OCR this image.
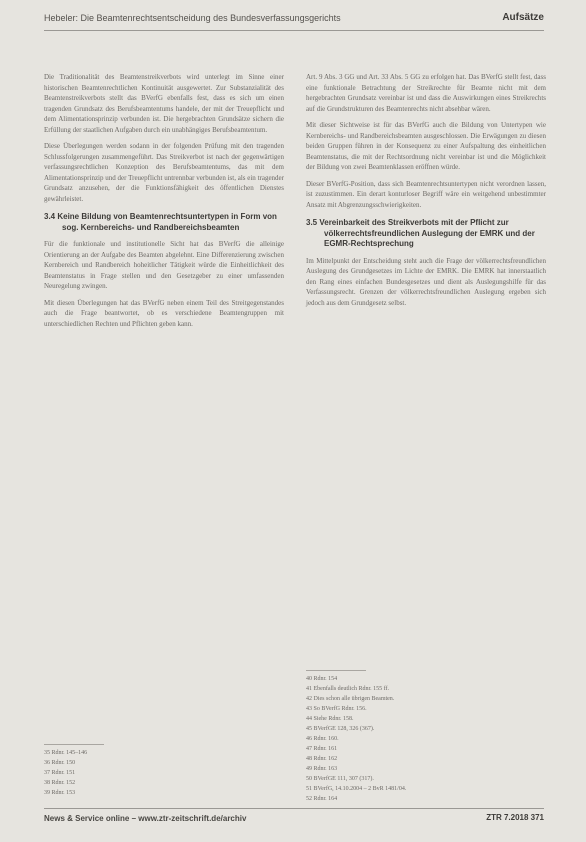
Hebeler: Die Beamtenrechtsentscheidung des Bundesverfassungsgerichts	Aufsätze

Die Traditionalität des Beamtenstreikverbots wird unterlegt im Sinne einer historischen Beamtenrechtlichen Kontinuität ausgewertet. Zur Substanzialität des Beamtenstreikverbots stellt das BVerfG ebenfalls fest, dass es sich um einen tragenden Grundsatz des Berufsbeamtentums handele, der mit der Treuepflicht und dem Alimentationsprinzip verbunden ist. Die hergebrachten Grundsätze sichern die Erfüllung der staatlichen Aufgaben durch ein unabhängiges Berufsbeamtentum.

Diese Überlegungen werden sodann in der folgenden Prüfung mit den tragenden Schlussfolgerungen zusammengeführt. Das Streikverbot ist nach der gegenwärtigen verfassungsrechtlichen Konzeption des Berufsbeamtentums, das mit dem Alimentationsprinzip und der Treuepflicht untrennbar verbunden ist, als ein tragender Grundsatz anzusehen, der die Funktionsfähigkeit des öffentlichen Dienstes gewährleistet.

3.4 Keine Bildung von Beamtenrechtsuntertypen in Form von sog. Kernbereichs- und Randbereichsbeamten

Für die funktionale und institutionelle Sicht hat das BVerfG die alleinige Orientierung an der Aufgabe des Beamten abgelehnt. Eine Differenzierung zwischen Kernbereich und Randbereich hoheitlicher Tätigkeit würde die Einheitlichkeit des Beamtenstatus in Frage stellen und den Gesetzgeber zu einer umfassenden Neuregelung zwingen.

Mit diesen Überlegungen hat das BVerfG neben einem Teil des Streitgegenstandes auch die Frage beantwortet, ob es verschiedene Beamtengruppen mit unterschiedlichen Rechten und Pflichten geben kann.

35 Rdnr. 145–146
36 Rdnr. 150
37 Rdnr. 151
38 Rdnr. 152
39 Rdnr. 153

Art. 9 Abs. 3 GG und Art. 33 Abs. 5 GG zu erfolgen hat. Das BVerfG stellt fest, dass eine funktionale Betrachtung der Streikrechte für Beamte nicht mit dem hergebrachten Grundsatz vereinbar ist und dass die Auswirkungen eines Streikrechts auf die Grundstrukturen des Beamtenrechts nicht absehbar wären.

Mit dieser Sichtweise ist für das BVerfG auch die Bildung von Untertypen wie Kernbereichs- und Randbereichsbeamten ausgeschlossen. Die Erwägungen zu diesen beiden Gruppen führen in der Konsequenz zu einer Aufspaltung des einheitlichen Beamtenstatus, die mit der Rechtsordnung nicht vereinbar ist und die Möglichkeit der Bildung von zwei Beamtenklassen eröffnen würde.

Dieser BVerfG-Position, dass sich Beamtenrechtsuntertypen nicht verordnen lassen, ist zuzustimmen. Ein derart konturloser Begriff wäre ein weitgehend unbestimmter Ansatz mit Abgrenzungsschwierigkeiten.

3.5 Vereinbarkeit des Streikverbots mit der Pflicht zur völkerrechtsfreundlichen Auslegung der EMRK und der EGMR-Rechtsprechung

Im Mittelpunkt der Entscheidung steht auch die Frage der völkerrechtsfreundlichen Auslegung des Grundgesetzes im Lichte der EMRK. Die EMRK hat innerstaatlich den Rang eines einfachen Bundesgesetzes und dient als Auslegungshilfe für das Verfassungsrecht. Grenzen der völkerrechtsfreundlichen Auslegung ergeben sich jedoch aus dem Grundgesetz selbst.

40 Rdnr. 154
41 Ebenfalls deutlich Rdnr. 155 ff.
42 Dies schon alle übrigen Beamten.
43 So BVerfG Rdnr. 156.
44 Siehe Rdnr. 158.
45 BVerfGE 128, 326 (367).
46 Rdnr. 160.
47 Rdnr. 161
48 Rdnr. 162
49 Rdnr. 163
50 BVerfGE 111, 307 (317).
51 BVerfG, 14.10.2004 – 2 BvR 1481/04.
52 Rdnr. 164
News & Service online – www.ztr-zeitschrift.de/archiv	ZTR 7.2018 371
